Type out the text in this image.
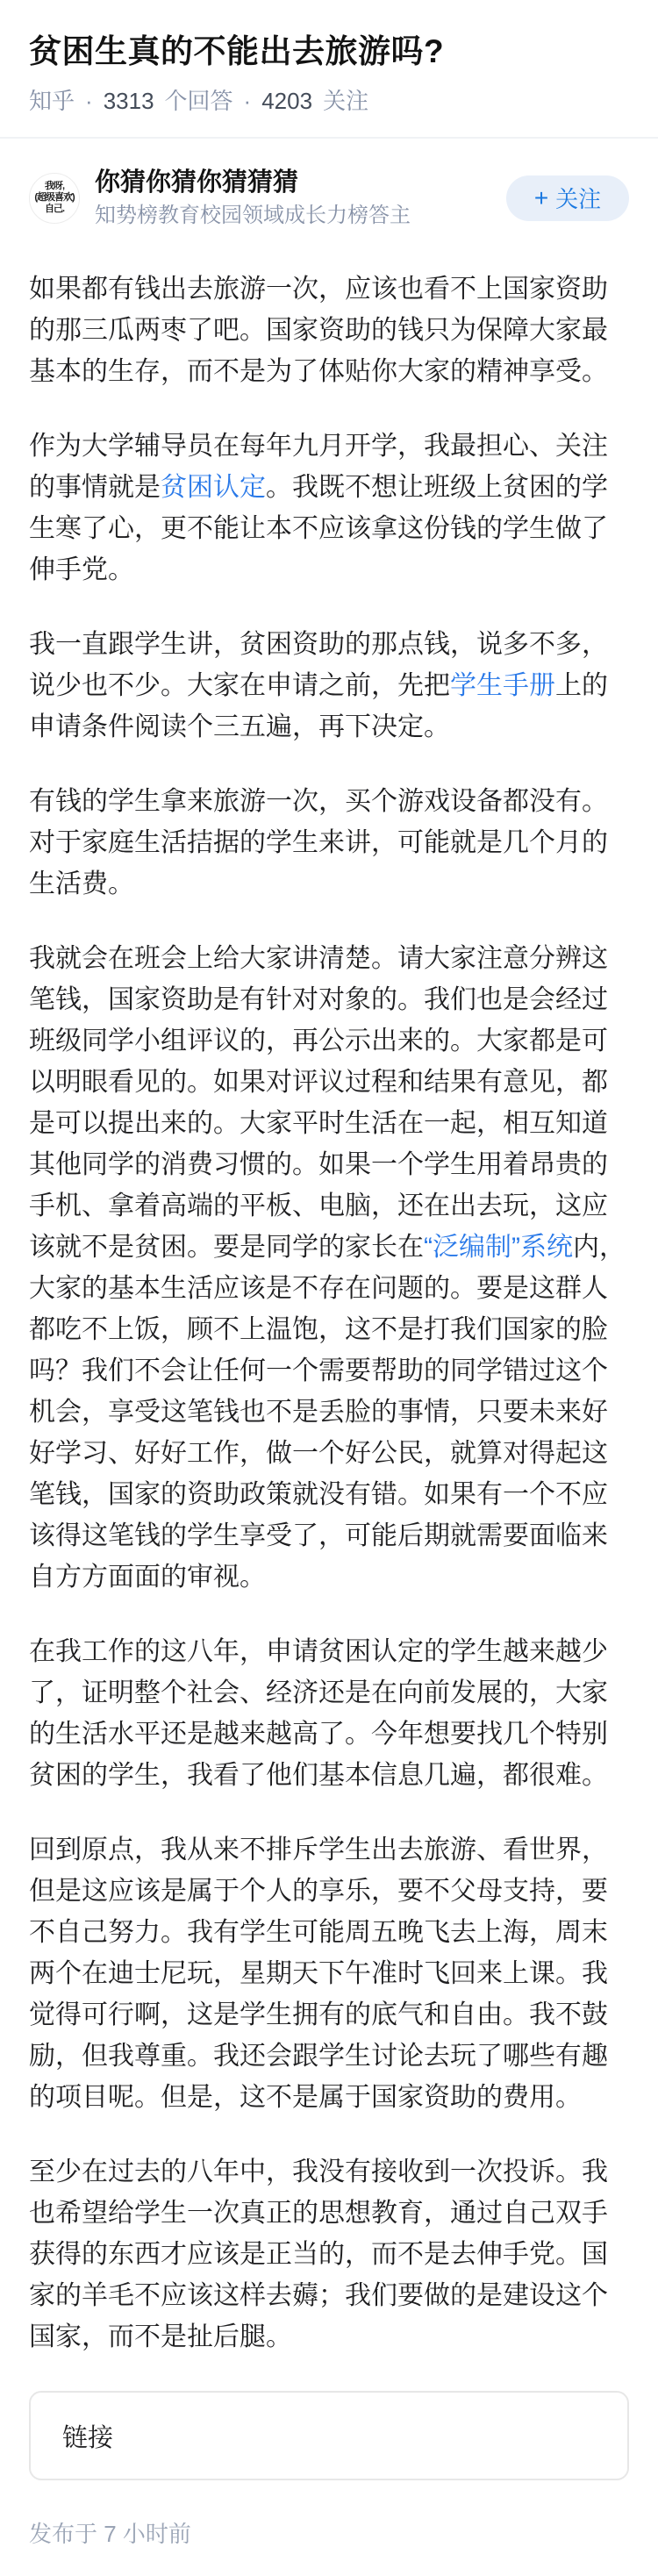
贫困生真的不能出去旅游吗?
知乎 · 3313 个回答 · 4203 关注
我呀,
(超级喜欢)
自己.
你猜你猜你猜猜猜
知势榜教育校园领域成长力榜答主
+ 关注

如果都有钱出去旅游一次，应该也看不上国家资助的那三瓜两枣了吧。国家资助的钱只为保障大家最基本的生存，而不是为了体贴你大家的精神享受。

作为大学辅导员在每年九月开学，我最担心、关注的事情就是贫困认定。我既不想让班级上贫困的学生寒了心，更不能让本不应该拿这份钱的学生做了伸手党。

我一直跟学生讲，贫困资助的那点钱，说多不多，说少也不少。大家在申请之前，先把学生手册上的申请条件阅读个三五遍，再下决定。

有钱的学生拿来旅游一次，买个游戏设备都没有。对于家庭生活拮据的学生来讲，可能就是几个月的生活费。

我就会在班会上给大家讲清楚。请大家注意分辨这笔钱，国家资助是有针对对象的。我们也是会经过班级同学小组评议的，再公示出来的。大家都是可以明眼看见的。如果对评议过程和结果有意见，都是可以提出来的。大家平时生活在一起，相互知道其他同学的消费习惯的。如果一个学生用着昂贵的手机、拿着高端的平板、电脑，还在出去玩，这应该就不是贫困。要是同学的家长在“泛编制”系统内，大家的基本生活应该是不存在问题的。要是这群人都吃不上饭，顾不上温饱，这不是打我们国家的脸吗？我们不会让任何一个需要帮助的同学错过这个机会，享受这笔钱也不是丢脸的事情，只要未来好好学习、好好工作，做一个好公民，就算对得起这笔钱，国家的资助政策就没有错。如果有一个不应该得这笔钱的学生享受了，可能后期就需要面临来自方方面面的审视。

在我工作的这八年，申请贫困认定的学生越来越少了，证明整个社会、经济还是在向前发展的，大家的生活水平还是越来越高了。今年想要找几个特别贫困的学生，我看了他们基本信息几遍，都很难。

回到原点，我从来不排斥学生出去旅游、看世界，但是这应该是属于个人的享乐，要不父母支持，要不自己努力。我有学生可能周五晚飞去上海，周末两个在迪士尼玩，星期天下午准时飞回来上课。我觉得可行啊，这是学生拥有的底气和自由。我不鼓励，但我尊重。我还会跟学生讨论去玩了哪些有趣的项目呢。但是，这不是属于国家资助的费用。

至少在过去的八年中，我没有接收到一次投诉。我也希望给学生一次真正的思想教育，通过自己双手获得的东西才应该是正当的，而不是去伸手党。国家的羊毛不应该这样去薅；我们要做的是建设这个国家，而不是扯后腿。

链接
发布于 7 小时前
